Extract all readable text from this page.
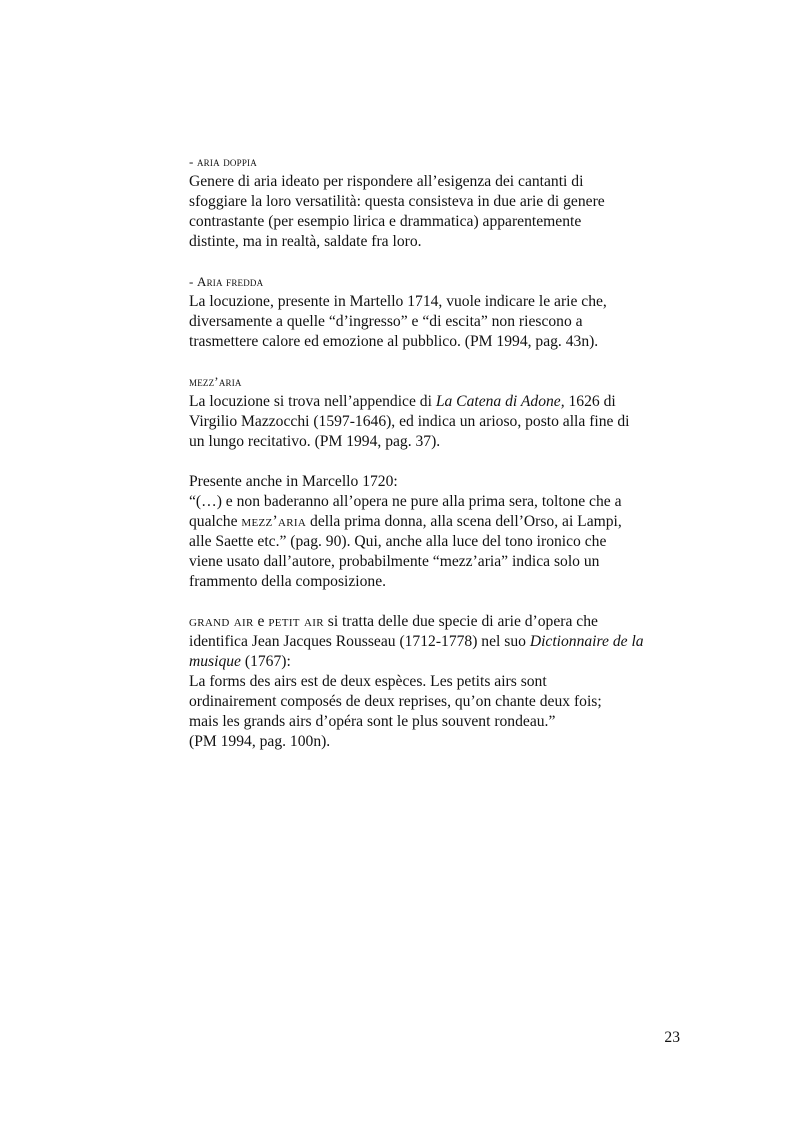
- aria doppia

Genere di aria ideato per rispondere all’esigenza dei cantanti di

sfoggiare la loro versatilità: questa consisteva in due arie di genere

contrastante (per esempio lirica e drammatica) apparentemente

distinte, ma in realtà, saldate fra loro.

- Aria fredda

La locuzione, presente in Martello 1714, vuole indicare le arie che,

diversamente a quelle “d’ingresso” e “di escita” non riescono a

trasmettere calore ed emozione al pubblico. (PM 1994, pag. 43n).

mezz’aria

La locuzione si trova nell’appendice di La Catena di Adone, 1626 di

Virgilio Mazzocchi (1597-1646), ed indica un arioso, posto alla fine di

un lungo recitativo. (PM 1994, pag. 37).

Presente anche in Marcello 1720:

“(…) e non baderanno all’opera ne pure alla prima sera, toltone che a

qualche mezz’aria della prima donna, alla scena dell’Orso, ai Lampi,

alle Saette etc.” (pag. 90). Qui, anche alla luce del tono ironico che

viene usato dall’autore, probabilmente “mezz’aria” indica solo un

frammento della composizione.

grand air e petit air si tratta delle due specie di arie d’opera che

identifica Jean Jacques Rousseau (1712-1778) nel suo Dictionnaire de la

musique (1767):

La forms des airs est de deux espèces. Les petits airs sont

ordinairement composés de deux reprises, qu’on chante deux fois;

mais les grands airs d’opéra sont le plus souvent rondeau.”

(PM 1994, pag. 100n).

23
